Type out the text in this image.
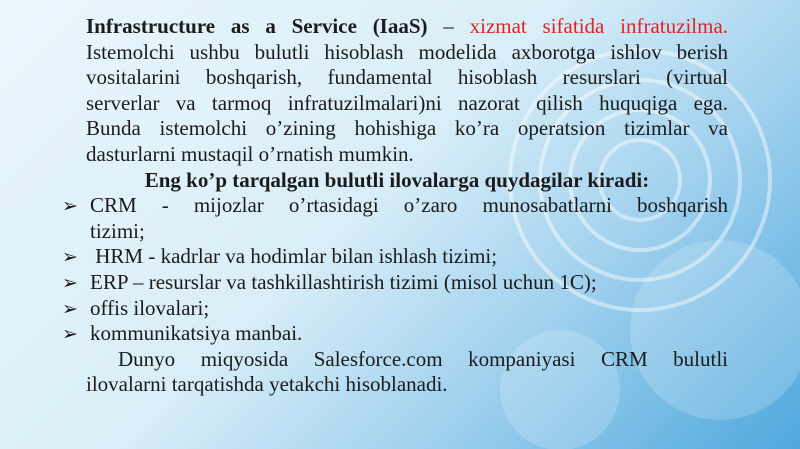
Infrastructure as a Service (IaaS) – xizmat sifatida infratuzilma.

Istemolchi ushbu bulutli hisoblash modelida axborotga ishlov berish

vositalarini boshqarish, fundamental hisoblash resurslari (virtual

serverlar va tarmoq infratuzilmalari)ni nazorat qilish huquqiga ega.

Bunda istemolchi o’zining hohishiga ko’ra operatsion tizimlar va

dasturlarni mustaqil o’rnatish mumkin.

Eng ko’p tarqalgan bulutli ilovalarga quydagilar kiradi:

➢ CRM - mijozlar o’rtasidagi o’zaro munosabatlarni boshqarish
tizimi;
➢ HRM - kadrlar va hodimlar bilan ishlash tizimi;
➢ ERP – resurslar va tashkillashtirish tizimi (misol uchun 1C);
➢ offis ilovalari;
➢ kommunikatsiya manbai.

Dunyo miqyosida Salesforce.com kompaniyasi CRM bulutli

ilovalarni tarqatishda yetakchi hisoblanadi.
